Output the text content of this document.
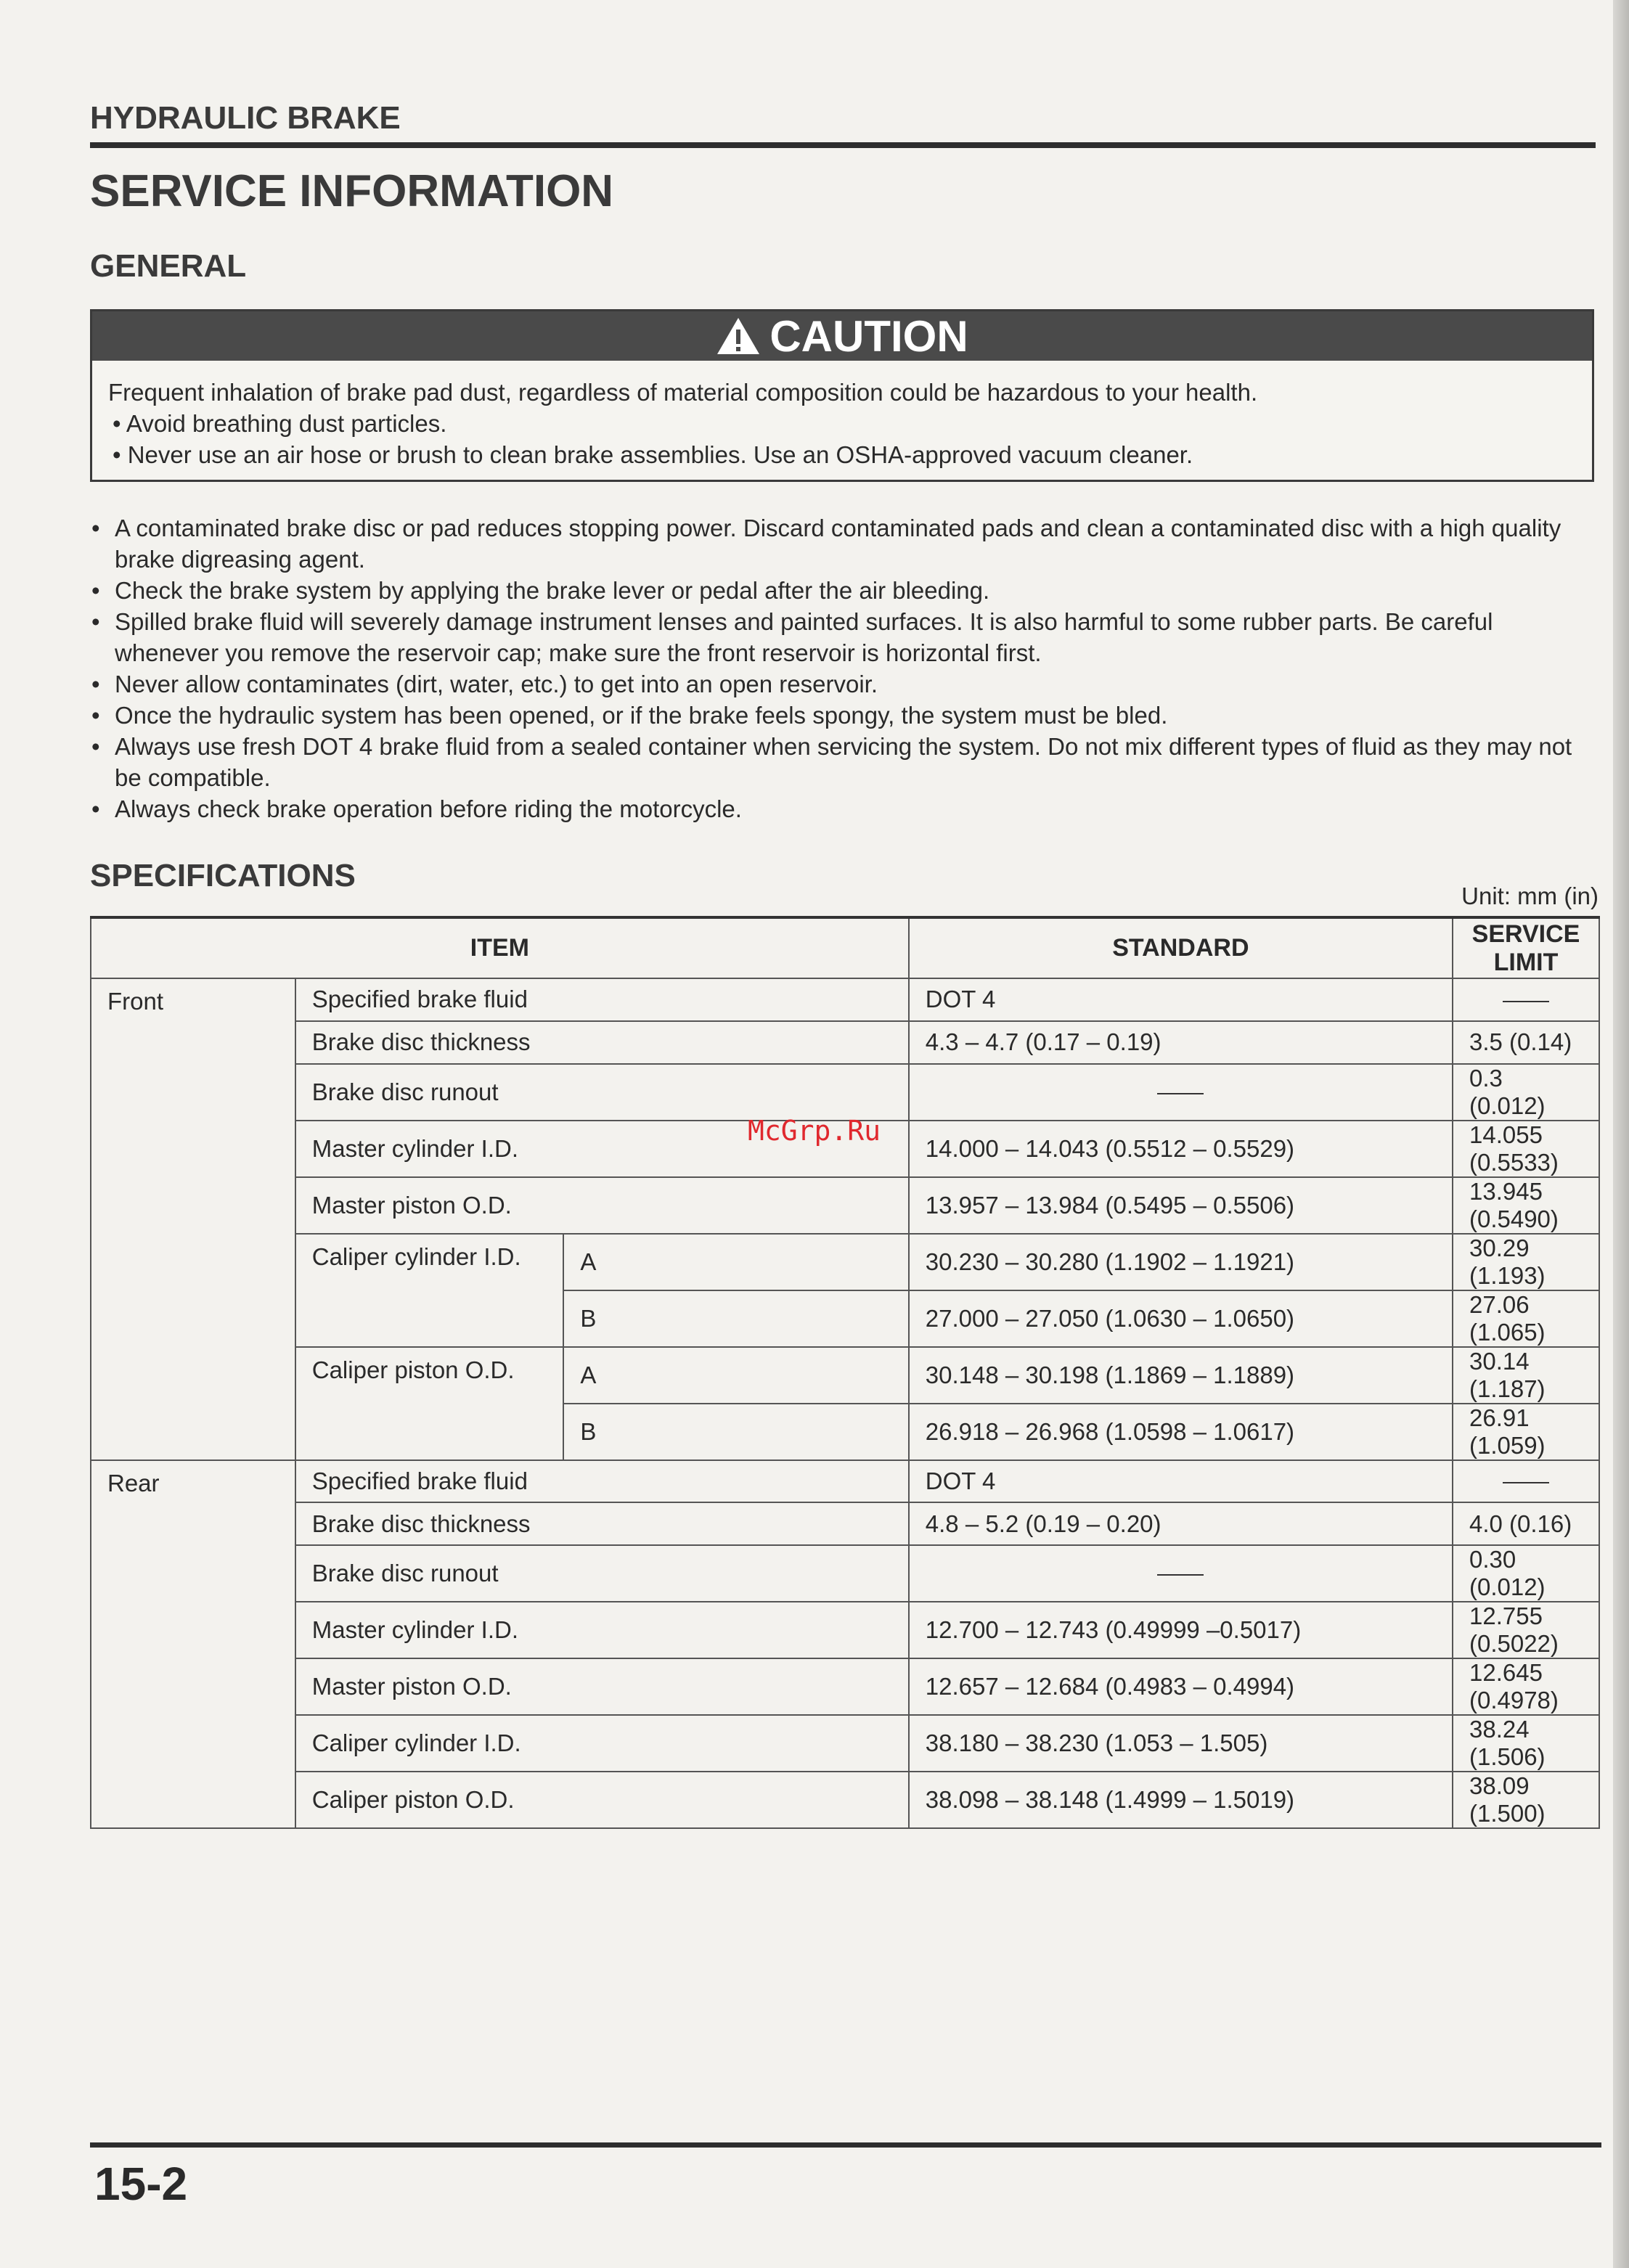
HYDRAULIC BRAKE
SERVICE INFORMATION
GENERAL
CAUTION
Frequent inhalation of brake pad dust, regardless of material composition could be hazardous to your health.
• Avoid breathing dust particles.
• Never use an air hose or brush to clean brake assemblies. Use an OSHA-approved vacuum cleaner.
• A contaminated brake disc or pad reduces stopping power. Discard contaminated pads and clean a contaminated disc with a high quality brake digreasing agent.
• Check the brake system by applying the brake lever or pedal after the air bleeding.
• Spilled brake fluid will severely damage instrument lenses and painted surfaces. It is also harmful to some rubber parts. Be careful whenever you remove the reservoir cap; make sure the front reservoir is horizontal first.
• Never allow contaminates (dirt, water, etc.) to get into an open reservoir.
• Once the hydraulic system has been opened, or if the brake feels spongy, the system must be bled.
• Always use fresh DOT 4 brake fluid from a sealed container when servicing the system. Do not mix different types of fluid as they may not be compatible.
• Always check brake operation before riding the motorcycle.
SPECIFICATIONS
Unit: mm (in)
ITEM			STANDARD	SERVICE LIMIT
Front	Specified brake fluid		DOT 4	
	Brake disc thickness		4.3 – 4.7 (0.17 – 0.19)	3.5 (0.14)
	Brake disc runout			0.3 (0.012)
	Master cylinder I.D.		14.000 – 14.043 (0.5512 – 0.5529)	14.055 (0.5533)
	Master piston O.D.		13.957 – 13.984 (0.5495 – 0.5506)	13.945 (0.5490)
	Caliper cylinder I.D.	A	30.230 – 30.280 (1.1902 – 1.1921)	30.29 (1.193)
		B	27.000 – 27.050 (1.0630 – 1.0650)	27.06 (1.065)
	Caliper piston O.D.	A	30.148 – 30.198 (1.1869 – 1.1889)	30.14 (1.187)
		B	26.918 – 26.968 (1.0598 – 1.0617)	26.91 (1.059)
Rear	Specified brake fluid		DOT 4	
	Brake disc thickness		4.8 – 5.2 (0.19 – 0.20)	4.0 (0.16)
	Brake disc runout			0.30 (0.012)
	Master cylinder I.D.		12.700 – 12.743 (0.49999 –0.5017)	12.755 (0.5022)
	Master piston O.D.		12.657 – 12.684 (0.4983 – 0.4994)	12.645 (0.4978)
	Caliper cylinder I.D.		38.180 – 38.230 (1.053 – 1.505)	38.24 (1.506)
	Caliper piston O.D.		38.098 – 38.148 (1.4999 – 1.5019)	38.09 (1.500)
McGrp.Ru
15-2
